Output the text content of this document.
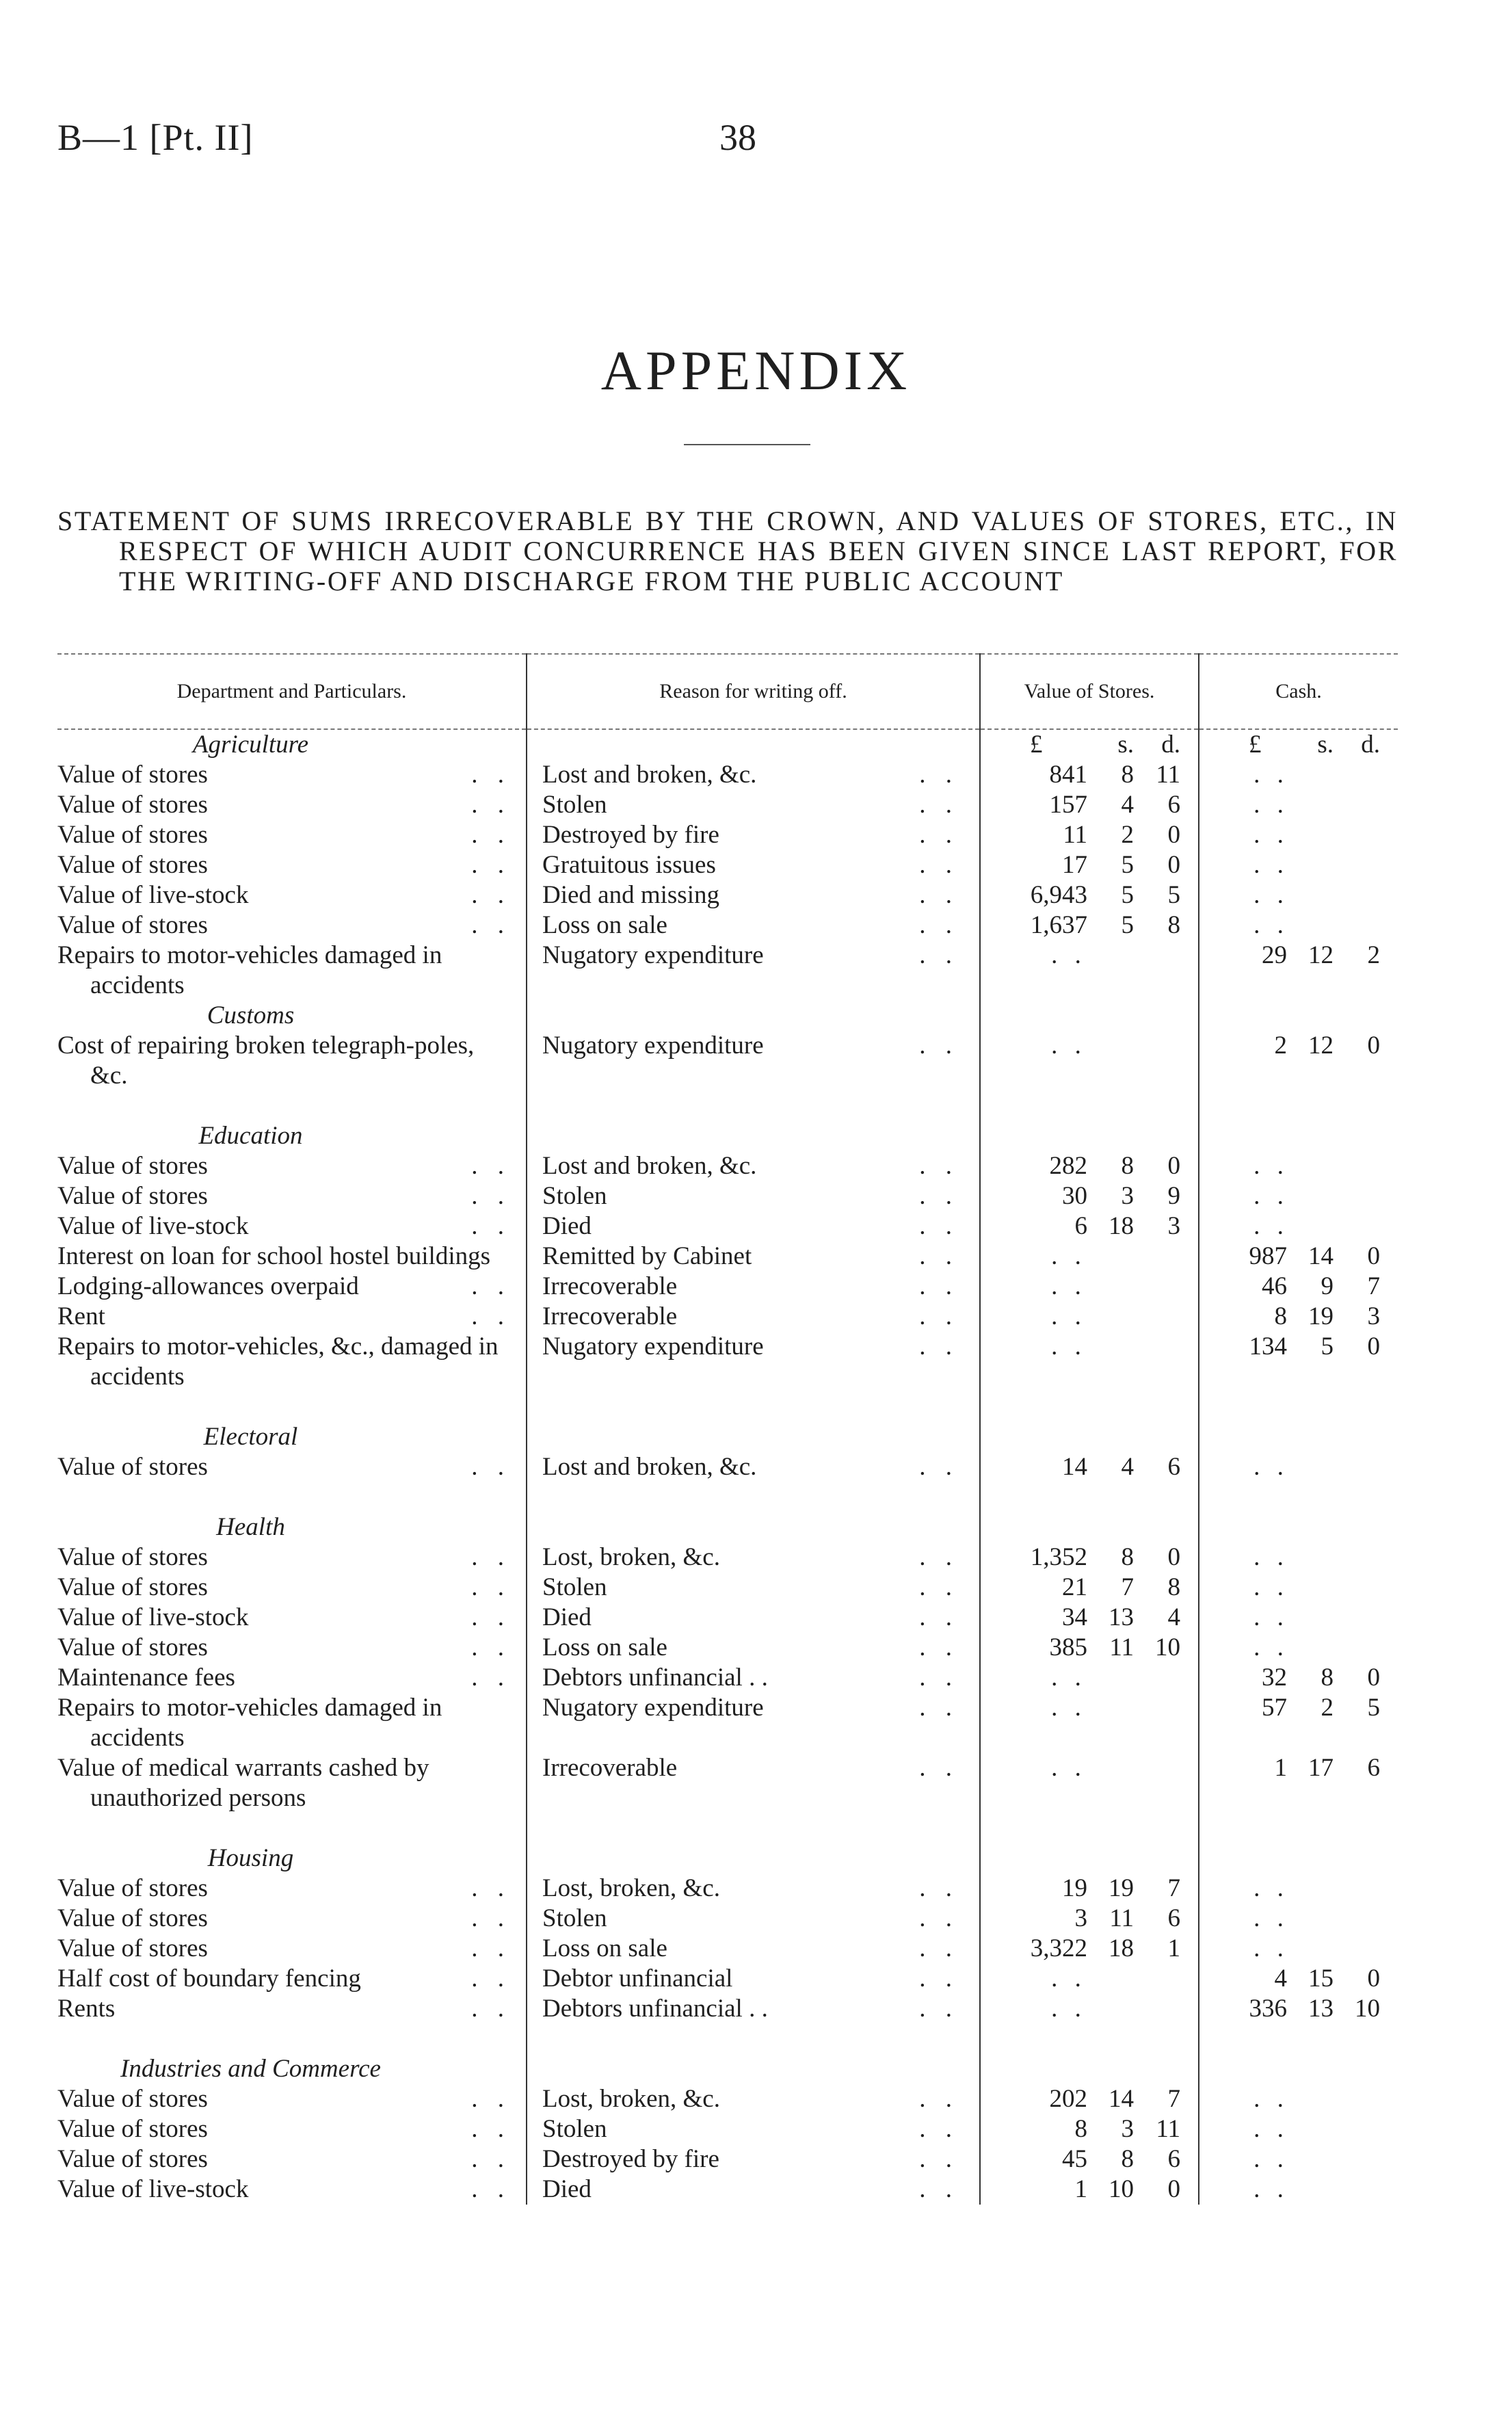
B—1 [Pt. II]	38
APPENDIX
STATEMENT OF SUMS IRRECOVERABLE BY THE CROWN, AND VALUES OF STORES, ETC., IN RESPECT OF WHICH AUDIT CONCURRENCE HAS BEEN GIVEN SINCE LAST REPORT, FOR THE WRITING-OFF AND DISCHARGE FROM THE PUBLIC ACCOUNT
Department and Particulars.	Reason for writing off.	Value of Stores.	Cash.
Agriculture		£ s. d.	£ s. d.

Value of stores . .	Lost and broken, &c. . .	841 8 11	. .

Value of stores . .	Stolen . .	157 4 6	. .

Value of stores . .	Destroyed by fire . .	11 2 0	. .

Value of stores . .	Gratuitous issues . .	17 5 0	. .

Value of live-stock . .	Died and missing . .	6,943 5 5	. .

Value of stores . .	Loss on sale . .	1,637 5 8	. .

Repairs to motor-vehicles damaged in accidents	Nugatory expenditure . .	. .	29 12 2

Customs			

Cost of repairing broken telegraph-poles, &c.	Nugatory expenditure . .	. .	2 12 0

Education			

Value of stores . .	Lost and broken, &c. . .	282 8 0	. .

Value of stores . .	Stolen . .	30 3 9	. .

Value of live-stock . .	Died . .	6 18 3	. .

Interest on loan for school hostel buildings	Remitted by Cabinet . .	. .	987 14 0

Lodging-allowances overpaid . .	Irrecoverable . .	. .	46 9 7

Rent . .	Irrecoverable . .	. .	8 19 3

Repairs to motor-vehicles, &c., damaged in accidents	Nugatory expenditure . .	. .	134 5 0

Electoral			

Value of stores . .	Lost and broken, &c. . .	14 4 6	. .

Health			

Value of stores . .	Lost, broken, &c. . .	1,352 8 0	. .

Value of stores . .	Stolen . .	21 7 8	. .

Value of live-stock . .	Died . .	34 13 4	. .

Value of stores . .	Loss on sale . .	385 11 10	. .

Maintenance fees . .	Debtors unfinancial . . . .	. .	32 8 0

Repairs to motor-vehicles damaged in accidents	Nugatory expenditure . .	. .	57 2 5

Value of medical warrants cashed by unauthorized persons	Irrecoverable . .	. .	1 17 6

Housing			

Value of stores . .	Lost, broken, &c. . .	19 19 7	. .

Value of stores . .	Stolen . .	3 11 6	. .

Value of stores . .	Loss on sale . .	3,322 18 1	. .

Half cost of boundary fencing . .	Debtor unfinancial . .	. .	4 15 0

Rents . .	Debtors unfinancial . . . .	. .	336 13 10

Industries and Commerce			

Value of stores . .	Lost, broken, &c. . .	202 14 7	. .

Value of stores . .	Stolen . .	8 3 11	. .

Value of stores . .	Destroyed by fire . .	45 8 6	. .

Value of live-stock . .	Died . .	1 10 0	. .
